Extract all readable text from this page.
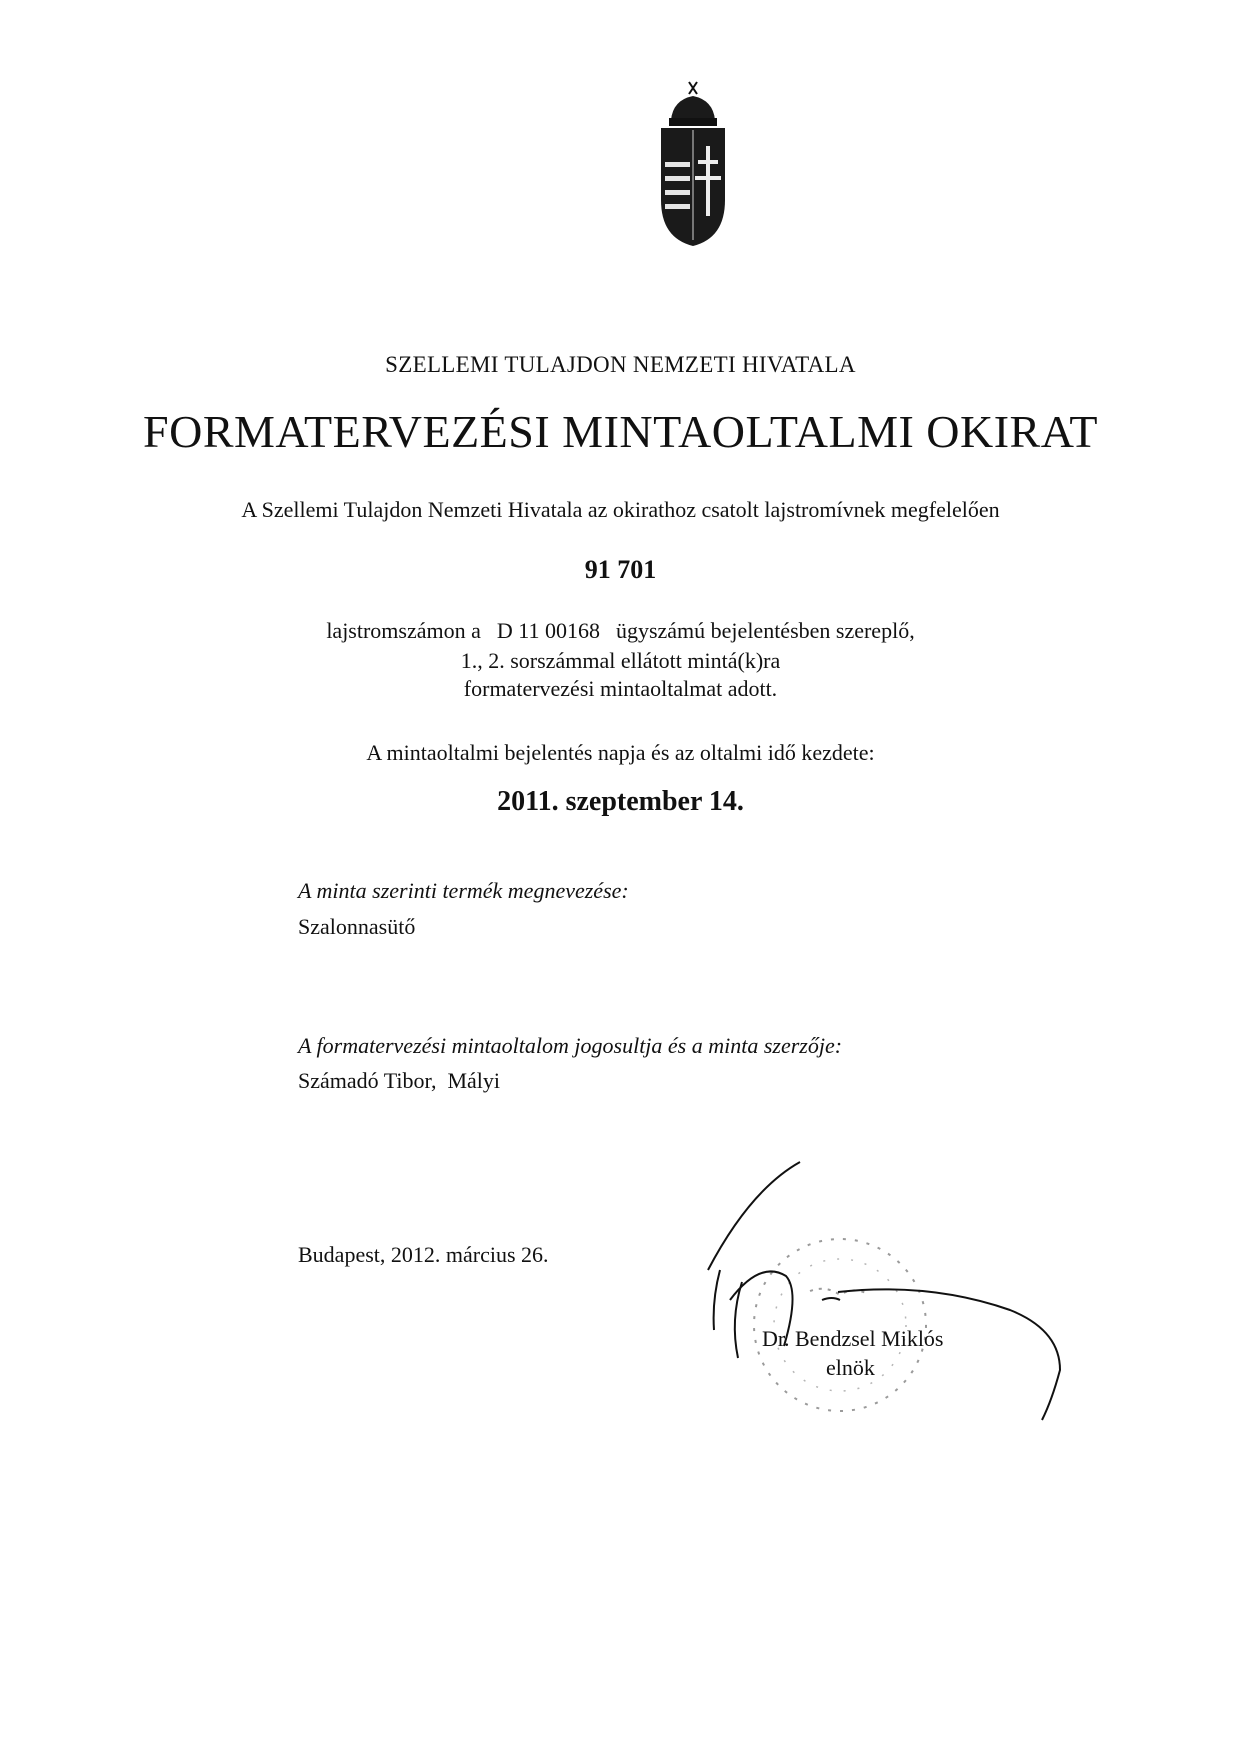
SZELLEMI TULAJDON NEMZETI HIVATALA

FORMATERVEZÉSI MINTAOLTALMI OKIRAT

A Szellemi Tulajdon Nemzeti Hivatala az okirathoz csatolt lajstromívnek megfelelően

91 701

lajstromszámon a D 11 00168 ügyszámú bejelentésben szereplő,

1., 2. sorszámmal ellátott mintá(k)ra

formatervezési mintaoltalmat adott.

A mintaoltalmi bejelentés napja és az oltalmi idő kezdete:

2011. szeptember 14.

A minta szerinti termék megnevezése:

Szalonnasütő

A formatervezési mintaoltalom jogosultja és a minta szerzője:

Számadó Tibor,  Mályi

Budapest, 2012. március 26.

Dr. Bendzsel Miklós

elnök
